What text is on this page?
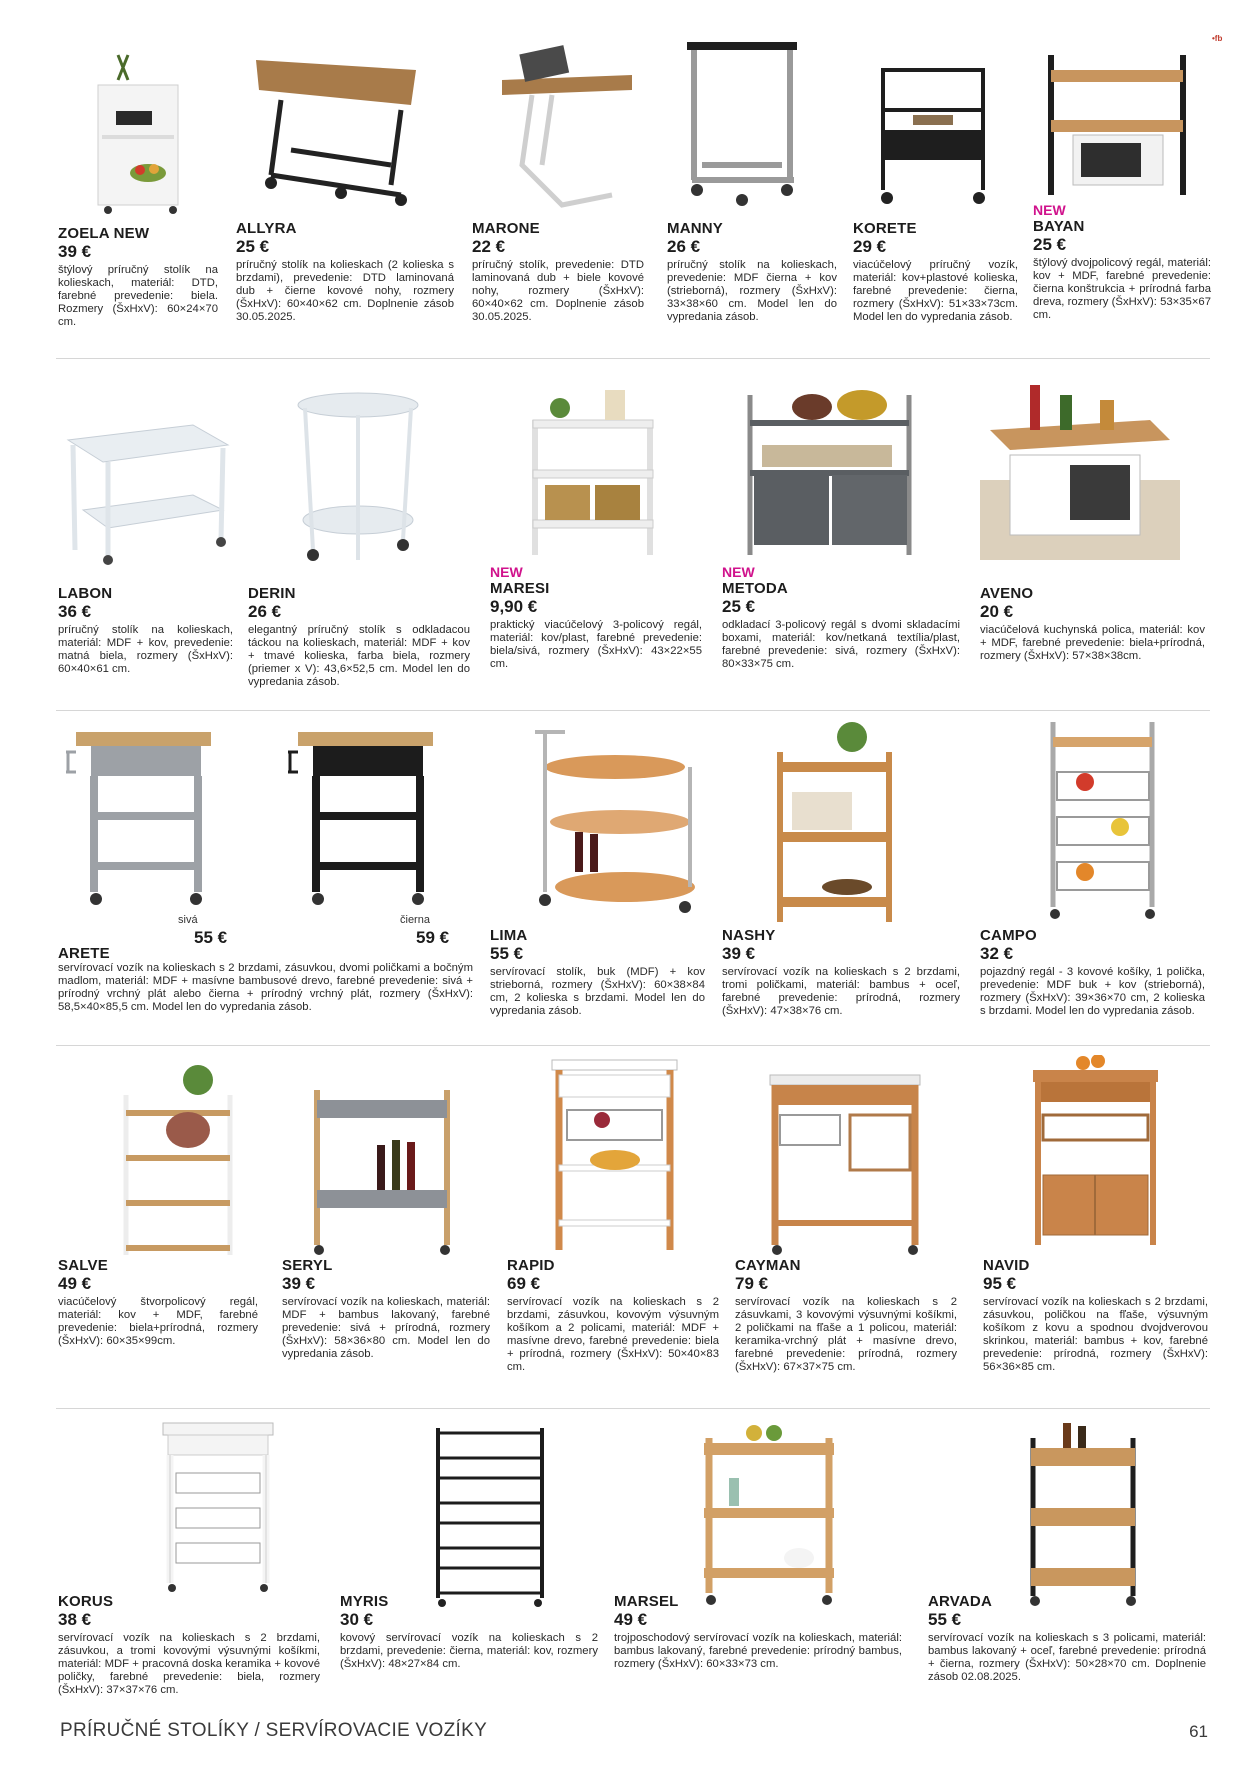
•fb
ZOELA NEW
39 €
štýlový príručný stolík na kolieskach, materiál: DTD, farebné prevedenie: biela. Rozmery (ŠxHxV): 60×24×70 cm.
ALLYRA
25 €
príručný stolík na kolieskach (2 kolieska s brzdami), prevedenie: DTD laminovaná dub + čierne kovové nohy, rozmery (ŠxHxV): 60×40×62 cm. Doplnenie zásob 30.05.2025.
MARONE
22 €
príručný stolík, prevedenie: DTD laminovaná dub + biele kovové nohy, rozmery (ŠxHxV): 60×40×62 cm. Doplnenie zásob 30.05.2025.
MANNY
26 €
príručný stolík na kolieskach, prevedenie: MDF čierna + kov (strieborná), rozmery (ŠxHxV): 33×38×60 cm. Model len do vypredania zásob.
KORETE
29 €
viacúčelový príručný vozík, materiál: kov+plastové kolieska, farebné prevedenie: čierna, rozmery (ŠxHxV): 51×33×73cm. Model len do vypredania zásob.
NEW
BAYAN
25 €
štýlový dvojpolicový regál, materiál: kov + MDF, farebné prevedenie: čierna konštrukcia + prírodná farba dreva, rozmery (ŠxHxV): 53×35×67 cm.
LABON
36 €
príručný stolík na kolieskach, materiál: MDF + kov, prevedenie: matná biela, rozmery (ŠxHxV): 60×40×61 cm.
DERIN
26 €
elegantný príručný stolík s odkladacou táckou na kolieskach, materiál: MDF + kov + tmavé kolieska, farba biela, rozmery (priemer x V): 43,6×52,5 cm. Model len do vypredania zásob.
NEW
MARESI
9,90 €
praktický viacúčelový 3-policový regál, materiál: kov/plast, farebné prevedenie: biela/sivá, rozmery (ŠxHxV): 43×22×55 cm.
NEW
METODA
25 €
odkladací 3-policový regál s dvomi skladacími boxami, materiál: kov/netkaná textília/plast, farebné prevedenie: sivá, rozmery (ŠxHxV): 80×33×75 cm.
AVENO
20 €
viacúčelová kuchynská polica, materiál: kov + MDF, farebné prevedenie: biela+prírodná, rozmery (ŠxHxV): 57×38×38cm.
sivá
55 €
čierna
59 €
ARETE
servírovací vozík na kolieskach s 2 brzdami, zásuvkou, dvomi poličkami a bočným madlom, materiál: MDF + masívne bambusové drevo, farebné prevedenie: sivá + prírodný vrchný plát alebo čierna + prírodný vrchný plát, rozmery (ŠxHxV): 58,5×40×85,5 cm. Model len do vypredania zásob.
LIMA
55 €
servírovací stolík, buk (MDF) + kov strieborná, rozmery (ŠxHxV): 60×38×84 cm, 2 kolieska s brzdami. Model len do vypredania zásob.
NASHY
39 €
servírovací vozík na kolieskach s 2 brzdami, tromi poličkami, materiál: bambus + oceľ, farebné prevedenie: prírodná, rozmery (ŠxHxV): 47×38×76 cm.
CAMPO
32 €
pojazdný regál - 3 kovové košíky, 1 polička, prevedenie: MDF buk + kov (strieborná), rozmery (ŠxHxV): 39×36×70 cm, 2 kolieska s brzdami. Model len do vypredania zásob.
SALVE
49 €
viacúčelový štvorpolicový regál, materiál: kov + MDF, farebné prevedenie: biela+prírodná, rozmery (ŠxHxV): 60×35×99cm.
SERYL
39 €
servírovací vozík na kolieskach, materiál: MDF + bambus lakovaný, farebné prevedenie: sivá + prírodná, rozmery (ŠxHxV): 58×36×80 cm. Model len do vypredania zásob.
RAPID
69 €
servírovací vozík na kolieskach s 2 brzdami, zásuvkou, kovovým výsuvným košíkom a 2 policami, materiál: MDF + masívne drevo, farebné prevedenie: biela + prírodná, rozmery (ŠxHxV): 50×40×83 cm.
CAYMAN
79 €
servírovací vozík na kolieskach s 2 zásuvkami, 3 kovovými výsuvnými košíkmi, 2 poličkami na fľaše a 1 policou, materiál: keramika-vrchný plát + masívne drevo, farebné prevedenie: prírodná, rozmery (ŠxHxV): 67×37×75 cm.
NAVID
95 €
servírovací vozík na kolieskach s 2 brzdami, zásuvkou, poličkou na fľaše, výsuvným košíkom z kovu a spodnou dvojdverovou skrinkou, materiál: bambus + kov, farebné prevedenie: prírodná, rozmery (ŠxHxV): 56×36×85 cm.
KORUS
38 €
servírovací vozík na kolieskach s 2 brzdami, zásuvkou, a tromi kovovými výsuvnými košíkmi, materiál: MDF + pracovná doska keramika + kovové poličky, farebné prevedenie: biela, rozmery (ŠxHxV): 37×37×76 cm.
MYRIS
30 €
kovový servírovací vozík na kolieskach s 2 brzdami, prevedenie: čierna, materiál: kov, rozmery (ŠxHxV): 48×27×84 cm.
MARSEL
49 €
trojposchodový servírovací vozík na kolieskach, materiál: bambus lakovaný, farebné prevedenie: prírodný bambus, rozmery (ŠxHxV): 60×33×73 cm.
ARVADA
55 €
servírovací vozík na kolieskach s 3 policami, materiál: bambus lakovaný + oceľ, farebné prevedenie: prírodná + čierna, rozmery (ŠxHxV): 50×28×70 cm. Doplnenie zásob 02.08.2025.
PRÍRUČNÉ STOLÍKY / SERVÍROVACIE VOZÍKY	61
